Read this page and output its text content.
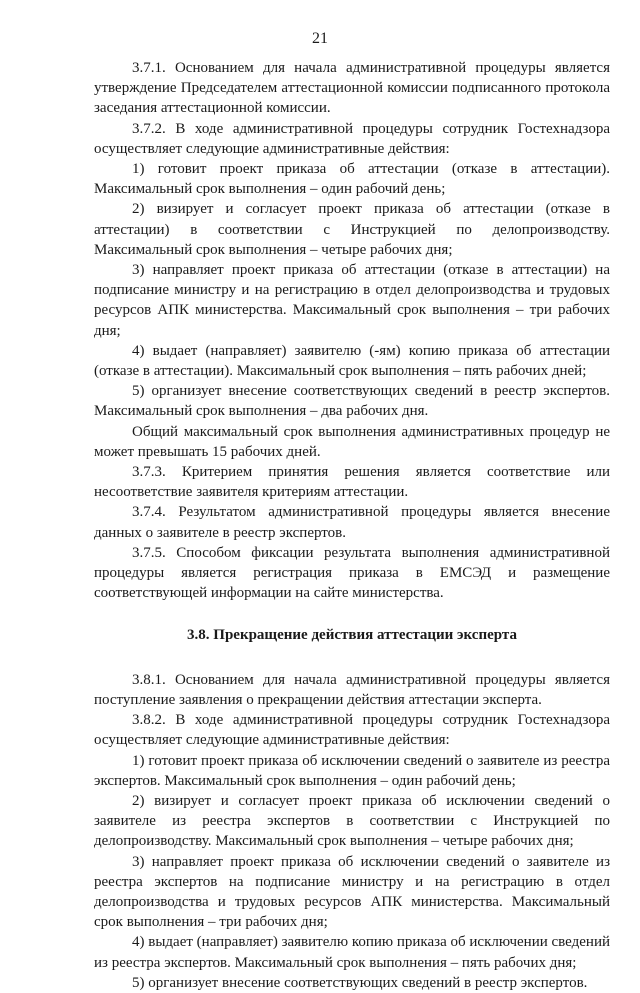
21

3.7.1. Основанием для начала административной процедуры является утверждение Председателем аттестационной комиссии подписанного протокола заседания аттестационной комиссии.

3.7.2. В ходе административной процедуры сотрудник Гостехнадзора осуществляет следующие административные действия:

1) готовит проект приказа об аттестации (отказе в аттестации). Максимальный срок выполнения – один рабочий день;

2) визирует и согласует проект приказа об аттестации (отказе в аттестации) в соответствии с Инструкцией по делопроизводству. Максимальный срок выполнения – четыре рабочих дня;

3) направляет проект приказа об аттестации (отказе в аттестации) на подписание министру и на регистрацию в отдел делопроизводства и трудовых ресурсов АПК министерства. Максимальный срок выполнения – три рабочих дня;

4) выдает (направляет) заявителю (-ям) копию приказа об аттестации (отказе в аттестации). Максимальный срок выполнения – пять рабочих дней;

5) организует внесение соответствующих сведений в реестр экспертов. Максимальный срок выполнения – два рабочих дня.

Общий максимальный срок выполнения административных процедур не может превышать 15 рабочих дней.

3.7.3. Критерием принятия решения является соответствие или несоответствие заявителя критериям аттестации.

3.7.4. Результатом административной процедуры является внесение данных о заявителе в реестр экспертов.

3.7.5. Способом фиксации результата выполнения административной процедуры является регистрация приказа в ЕМСЭД и размещение соответствующей информации на сайте министерства.

3.8. Прекращение действия аттестации эксперта

3.8.1. Основанием для начала административной процедуры является поступление заявления о прекращении действия аттестации эксперта.

3.8.2. В ходе административной процедуры сотрудник Гостехнадзора осуществляет следующие административные действия:

1) готовит проект приказа об исключении сведений о заявителе из реестра экспертов. Максимальный срок выполнения – один рабочий день;

2) визирует и согласует проект приказа об исключении сведений о заявителе из реестра экспертов в соответствии с Инструкцией по делопроизводству. Максимальный срок выполнения – четыре рабочих дня;

3) направляет проект приказа об исключении сведений о заявителе из реестра экспертов на подписание министру и на регистрацию в отдел делопроизводства и трудовых ресурсов АПК министерства. Максимальный срок выполнения – три рабочих дня;

4) выдает (направляет) заявителю копию приказа об исключении сведений из реестра экспертов. Максимальный срок выполнения – пять рабочих дня;

5) организует внесение соответствующих сведений в реестр экспертов.
